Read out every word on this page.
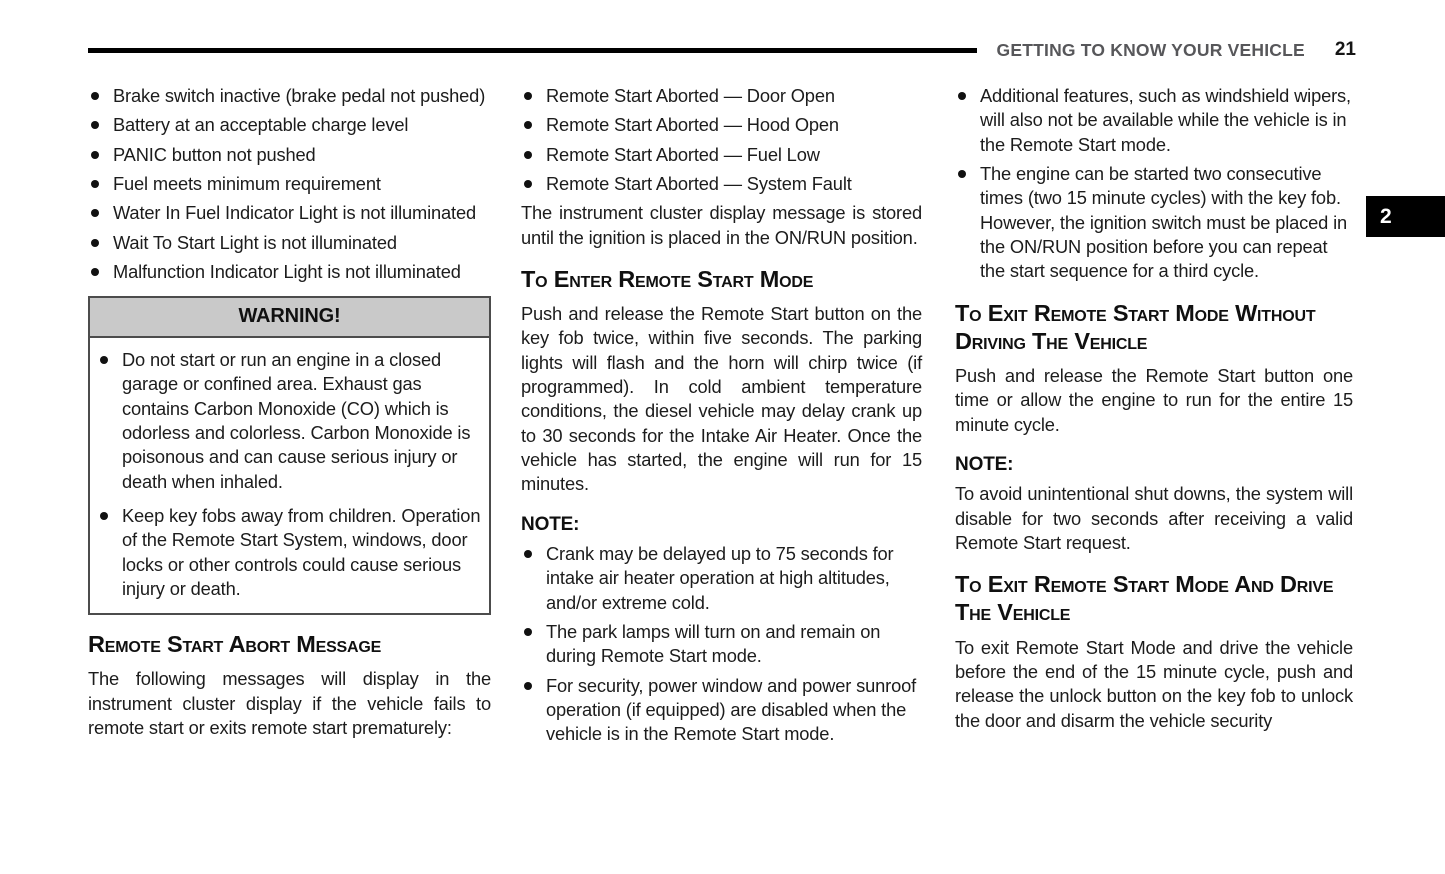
GETTING TO KNOW YOUR VEHICLE 21
2
Brake switch inactive (brake pedal not pushed)
Battery at an acceptable charge level
PANIC button not pushed
Fuel meets minimum requirement
Water In Fuel Indicator Light is not illuminated
Wait To Start Light is not illuminated
Malfunction Indicator Light is not illuminated
WARNING!
Do not start or run an engine in a closed garage or confined area. Exhaust gas contains Carbon Monoxide (CO) which is odorless and colorless. Carbon Monoxide is poisonous and can cause serious injury or death when inhaled.
Keep key fobs away from children. Operation of the Remote Start System, windows, door locks or other controls could cause serious injury or death.
Remote Start Abort Message

The following messages will display in the instrument cluster display if the vehicle fails to remote start or exits remote start prematurely:

Remote Start Aborted — Door Open
Remote Start Aborted — Hood Open
Remote Start Aborted — Fuel Low
Remote Start Aborted — System Fault

The instrument cluster display message is stored until the ignition is placed in the ON/RUN position.

To Enter Remote Start Mode

Push and release the Remote Start button on the key fob twice, within five seconds. The parking lights will flash and the horn will chirp twice (if programmed). In cold ambient temperature conditions, the diesel vehicle may delay crank up to 30 seconds for the Intake Air Heater. Once the vehicle has started, the engine will run for 15 minutes.

NOTE:
Crank may be delayed up to 75 seconds for intake air heater operation at high altitudes, and/or extreme cold.
The park lamps will turn on and remain on during Remote Start mode.
For security, power window and power sunroof operation (if equipped) are disabled when the vehicle is in the Remote Start mode.
Additional features, such as windshield wipers, will also not be available while the vehicle is in the Remote Start mode.
The engine can be started two consecutive times (two 15 minute cycles) with the key fob. However, the ignition switch must be placed in the ON/RUN position before you can repeat the start sequence for a third cycle.
To Exit Remote Start Mode Without Driving The Vehicle

Push and release the Remote Start button one time or allow the engine to run for the entire 15 minute cycle.

NOTE:

To avoid unintentional shut downs, the system will disable for two seconds after receiving a valid Remote Start request.

To Exit Remote Start Mode And Drive The Vehicle

To exit Remote Start Mode and drive the vehicle before the end of the 15 minute cycle, push and release the unlock button on the key fob to unlock the door and disarm the vehicle security
